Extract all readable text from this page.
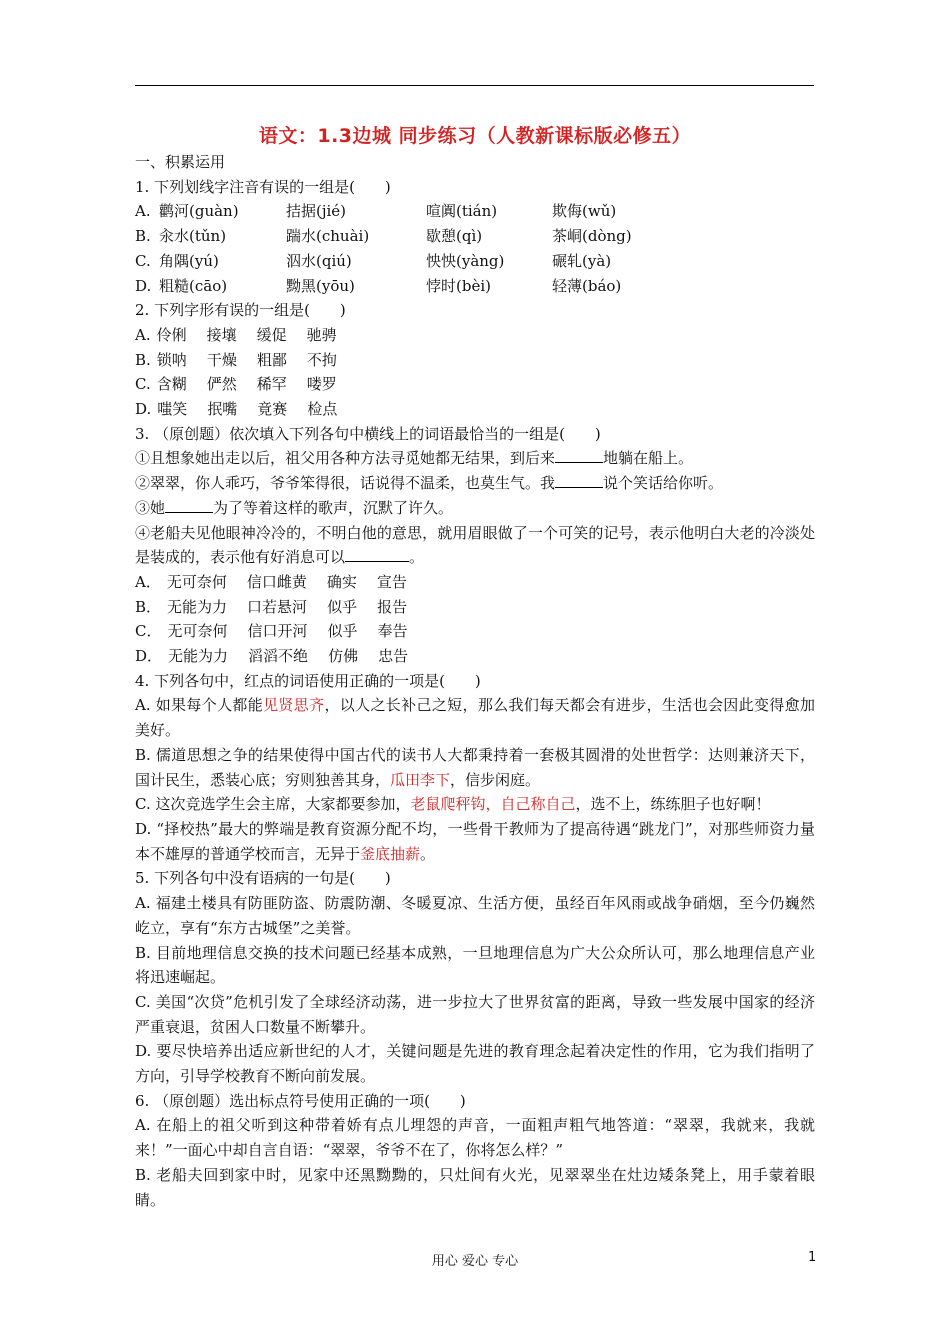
语文：1.3边城 同步练习（人教新课标版必修五）
一、积累运用
1. 下列划线字注音有误的一组是(　　)
A. 鹳河(guàn)	拮据(jié)	喧阗(tián)	欺侮(wǔ)
B. 汆水(tǔn)	踹水(chuài)	歇憩(qì)	茶峒(dòng)
C. 角隅(yú)	泅水(qiú)	怏怏(yàng)	碾轧(yà)
D. 粗糙(cāo)	黝黑(yōu)	悖时(bèi)	轻薄(báo)
2. 下列字形有误的一组是(　　)
A. 伶俐 接壤 缓促 驰骋
B. 锁呐 干燥 粗鄙 不拘
C. 含糊 俨然 稀罕 喽罗
D. 嗤笑 抿嘴 竟赛 检点
3. （原创题）依次填入下列各句中横线上的词语最恰当的一组是(　　)
①且想象她出走以后，祖父用各种方法寻觅她都无结果，到后来	地躺在船上。
②翠翠，你人乖巧，爷爷笨得很，话说得不温柔，也莫生气。我	说个笑话给你听。
③她	为了等着这样的歌声，沉默了许久。
④老船夫见他眼神冷冷的，不明白他的意思，就用眉眼做了一个可笑的记号，表示他明白大老的冷淡处是装成的，表示他有好消息可以	。
A． 无可奈何 信口雌黄 确实 宣告
B． 无能为力 口若悬河 似乎 报告
C． 无可奈何 信口开河 似乎 奉告
D． 无能为力 滔滔不绝 仿佛 忠告
4. 下列各句中，红点的词语使用正确的一项是(　　)
A. 如果每个人都能见贤思齐，以人之长补己之短，那么我们每天都会有进步，生活也会因此变得愈加美好。
B. 儒道思想之争的结果使得中国古代的读书人大都秉持着一套极其圆滑的处世哲学：达则兼济天下，国计民生，悉装心底；穷则独善其身，瓜田李下，信步闲庭。
C. 这次竞选学生会主席，大家都要参加，老鼠爬秤钩，自己称自己，选不上，练练胆子也好啊！
D. “择校热”最大的弊端是教育资源分配不均，一些骨干教师为了提高待遇“跳龙门”，对那些师资力量本不雄厚的普通学校而言，无异于釜底抽薪。
5. 下列各句中没有语病的一句是(　　)
A. 福建土楼具有防匪防盗、防震防潮、冬暖夏凉、生活方便，虽经百年风雨或战争硝烟，至今仍巍然屹立，享有“东方古城堡”之美誉。
B. 目前地理信息交换的技术问题已经基本成熟，一旦地理信息为广大公众所认可，那么地理信息产业将迅速崛起。
C. 美国“次贷”危机引发了全球经济动荡，进一步拉大了世界贫富的距离，导致一些发展中国家的经济严重衰退，贫困人口数量不断攀升。
D. 要尽快培养出适应新世纪的人才，关键问题是先进的教育理念起着决定性的作用，它为我们指明了方向，引导学校教育不断向前发展。
6. （原创题）选出标点符号使用正确的一项(　　)
A. 在船上的祖父听到这种带着娇有点儿埋怨的声音，一面粗声粗气地答道：“翠翠，我就来，我就来！”一面心中却自言自语：“翠翠，爷爷不在了，你将怎么样？”
B. 老船夫回到家中时，见家中还黑黝黝的，只灶间有火光，见翠翠坐在灶边矮条凳上，用手蒙着眼睛。
用心 爱心 专心	1
